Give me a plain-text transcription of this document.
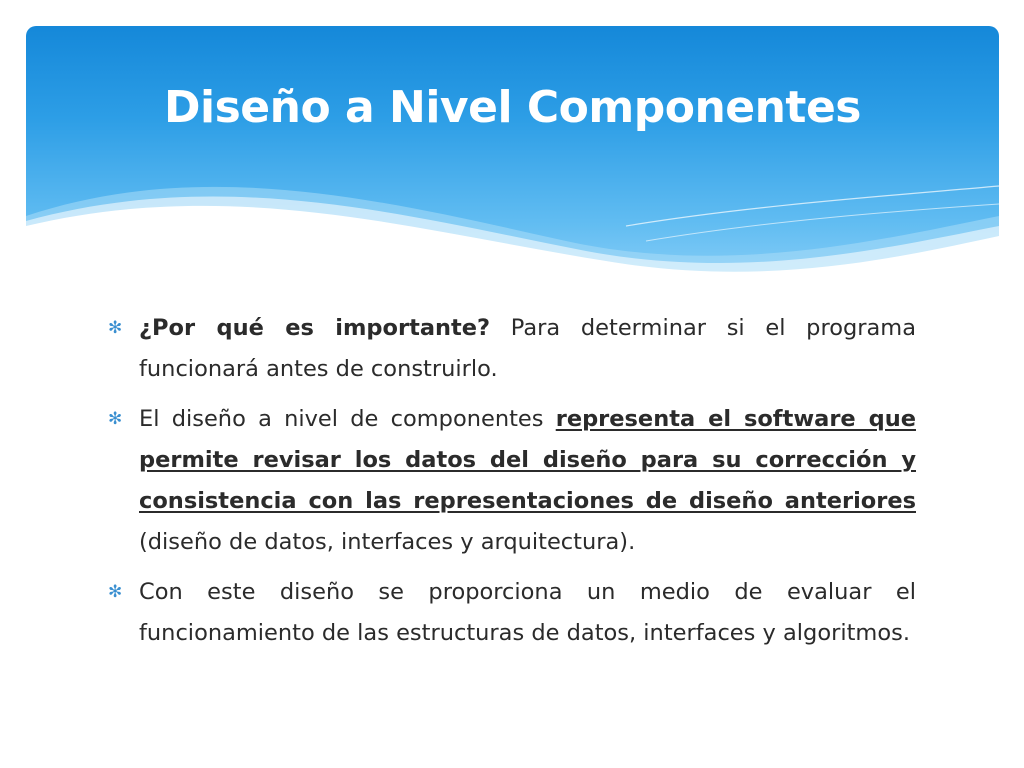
Diseño a Nivel Componentes
✻ ¿Por qué es importante? Para determinar si el programa funcionará antes de construirlo.
✻ El diseño a nivel de componentes representa el software que permite revisar los datos del diseño para su corrección y consistencia con las representaciones de diseño anteriores (diseño de datos, interfaces y arquitectura).
✻ Con este diseño se proporciona un medio de evaluar el funcionamiento de las estructuras de datos, interfaces y algoritmos.
